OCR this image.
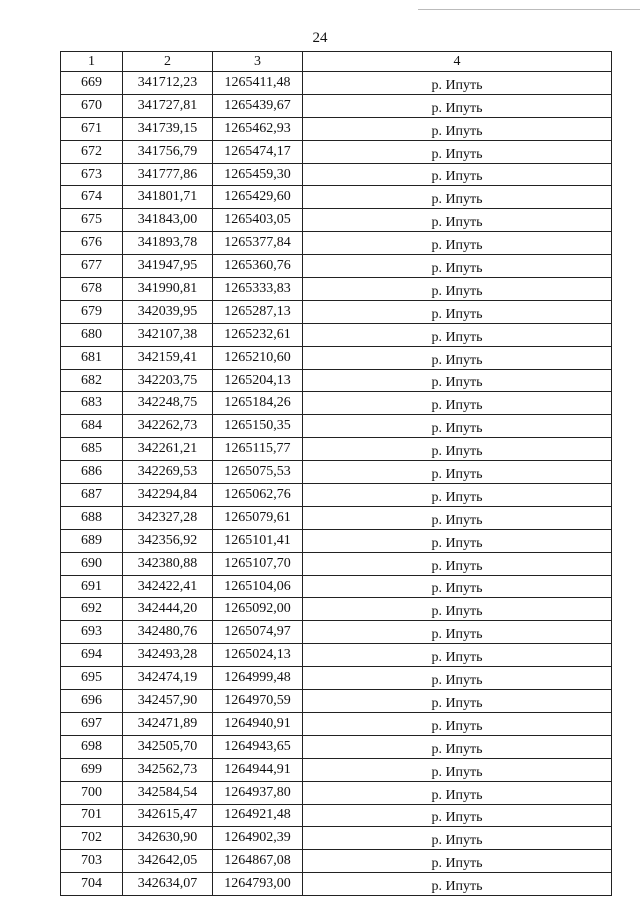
24
1	2	3	4
669	341712,23	1265411,48	р. Ипуть
670	341727,81	1265439,67	р. Ипуть
671	341739,15	1265462,93	р. Ипуть
672	341756,79	1265474,17	р. Ипуть
673	341777,86	1265459,30	р. Ипуть
674	341801,71	1265429,60	р. Ипуть
675	341843,00	1265403,05	р. Ипуть
676	341893,78	1265377,84	р. Ипуть
677	341947,95	1265360,76	р. Ипуть
678	341990,81	1265333,83	р. Ипуть
679	342039,95	1265287,13	р. Ипуть
680	342107,38	1265232,61	р. Ипуть
681	342159,41	1265210,60	р. Ипуть
682	342203,75	1265204,13	р. Ипуть
683	342248,75	1265184,26	р. Ипуть
684	342262,73	1265150,35	р. Ипуть
685	342261,21	1265115,77	р. Ипуть
686	342269,53	1265075,53	р. Ипуть
687	342294,84	1265062,76	р. Ипуть
688	342327,28	1265079,61	р. Ипуть
689	342356,92	1265101,41	р. Ипуть
690	342380,88	1265107,70	р. Ипуть
691	342422,41	1265104,06	р. Ипуть
692	342444,20	1265092,00	р. Ипуть
693	342480,76	1265074,97	р. Ипуть
694	342493,28	1265024,13	р. Ипуть
695	342474,19	1264999,48	р. Ипуть
696	342457,90	1264970,59	р. Ипуть
697	342471,89	1264940,91	р. Ипуть
698	342505,70	1264943,65	р. Ипуть
699	342562,73	1264944,91	р. Ипуть
700	342584,54	1264937,80	р. Ипуть
701	342615,47	1264921,48	р. Ипуть
702	342630,90	1264902,39	р. Ипуть
703	342642,05	1264867,08	р. Ипуть
704	342634,07	1264793,00	р. Ипуть
